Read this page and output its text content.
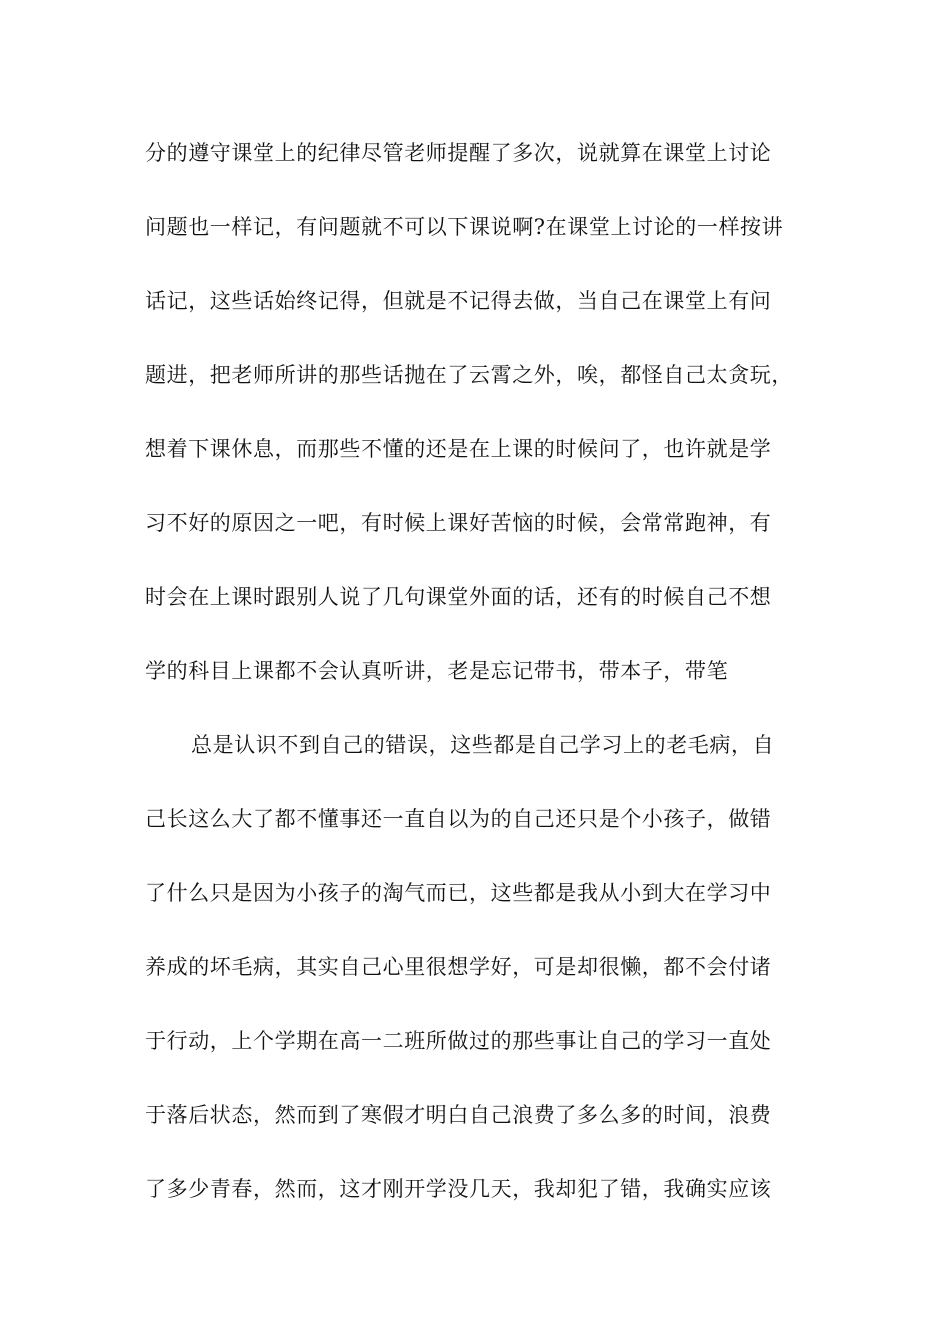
分的遵守课堂上的纪律尽管老师提醒了多次，说就算在课堂上讨论
问题也一样记，有问题就不可以下课说啊?在课堂上讨论的一样按讲
话记，这些话始终记得，但就是不记得去做，当自己在课堂上有问
题进，把老师所讲的那些话抛在了云霄之外，唉，都怪自己太贪玩，
想着下课休息，而那些不懂的还是在上课的时候问了，也许就是学
习不好的原因之一吧，有时候上课好苦恼的时候，会常常跑神，有
时会在上课时跟别人说了几句课堂外面的话，还有的时候自己不想
学的科目上课都不会认真听讲，老是忘记带书，带本子，带笔
总是认识不到自己的错误，这些都是自己学习上的老毛病，自
己长这么大了都不懂事还一直自以为的自己还只是个小孩子，做错
了什么只是因为小孩子的淘气而已，这些都是我从小到大在学习中
养成的坏毛病，其实自己心里很想学好，可是却很懒，都不会付诸
于行动，上个学期在高一二班所做过的那些事让自己的学习一直处
于落后状态，然而到了寒假才明白自己浪费了多么多的时间，浪费
了多少青春，然而，这才刚开学没几天，我却犯了错，我确实应该
